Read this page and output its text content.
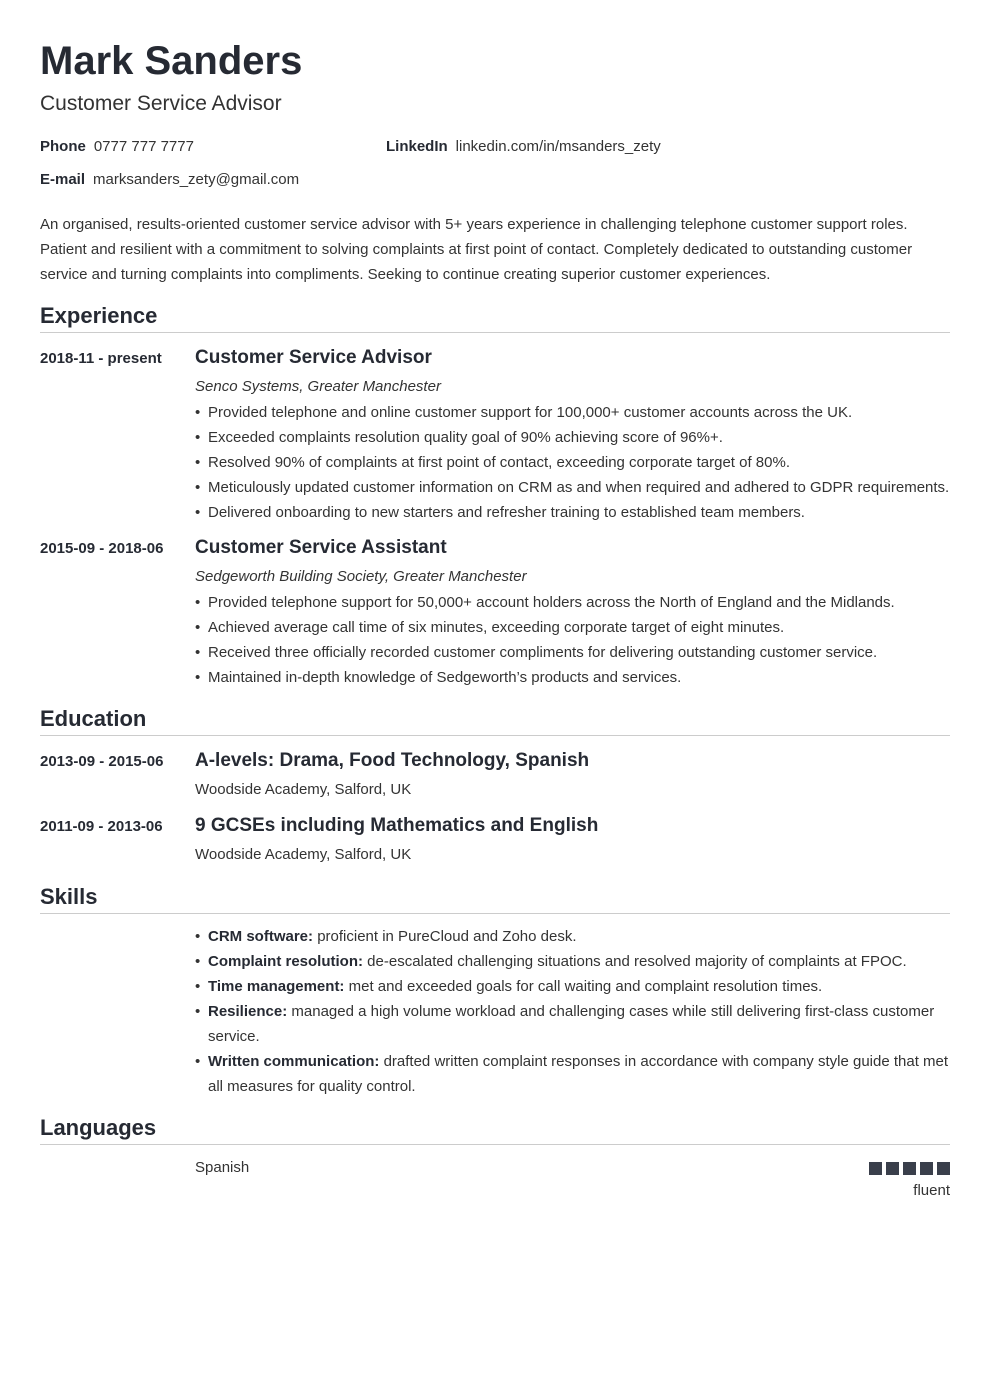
Mark Sanders
Customer Service Advisor
Phone 0777 777 7777	LinkedIn linkedin.com/in/msanders_zety
E-mail marksanders_zety@gmail.com

An organised, results-oriented customer service advisor with 5+ years experience in challenging telephone customer support roles. Patient and resilient with a commitment to solving complaints at first point of contact. Completely dedicated to outstanding customer service and turning complaints into compliments. Seeking to continue creating superior customer experiences.

Experience
2018-11 - present Customer Service Advisor
Senco Systems, Greater Manchester
• Provided telephone and online customer support for 100,000+ customer accounts across the UK.
• Exceeded complaints resolution quality goal of 90% achieving score of 96%+.
• Resolved 90% of complaints at first point of contact, exceeding corporate target of 80%.
• Meticulously updated customer information on CRM as and when required and adhered to GDPR requirements.
• Delivered onboarding to new starters and refresher training to established team members.
2015-09 - 2018-06 Customer Service Assistant
Sedgeworth Building Society, Greater Manchester
• Provided telephone support for 50,000+ account holders across the North of England and the Midlands.
• Achieved average call time of six minutes, exceeding corporate target of eight minutes.
• Received three officially recorded customer compliments for delivering outstanding customer service.
• Maintained in-depth knowledge of Sedgeworth’s products and services.
Education
2013-09 - 2015-06 A-levels: Drama, Food Technology, Spanish
Woodside Academy, Salford, UK
2011-09 - 2013-06 9 GCSEs including Mathematics and English
Woodside Academy, Salford, UK
Skills
• CRM software: proficient in PureCloud and Zoho desk.
• Complaint resolution: de-escalated challenging situations and resolved majority of complaints at FPOC.
• Time management: met and exceeded goals for call waiting and complaint resolution times.
• Resilience: managed a high volume workload and challenging cases while still delivering first-class customer service.
• Written communication: drafted written complaint responses in accordance with company style guide that met all measures for quality control.
Languages
Spanish
fluent
